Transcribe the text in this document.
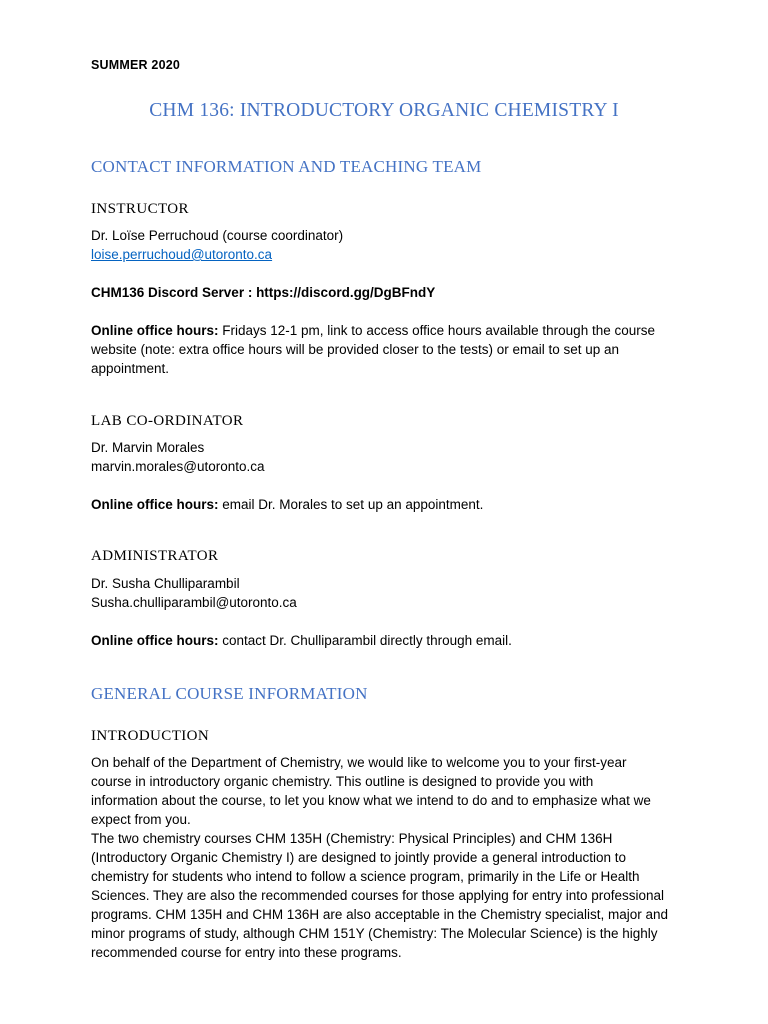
SUMMER 2020
CHM 136: INTRODUCTORY ORGANIC CHEMISTRY I
CONTACT INFORMATION AND TEACHING TEAM
INSTRUCTOR
Dr. Loïse Perruchoud (course coordinator)
loise.perruchoud@utoronto.ca
CHM136 Discord Server : https://discord.gg/DgBFndY
Online office hours: Fridays 12-1 pm, link to access office hours available through the course
website (note: extra office hours will be provided closer to the tests) or email to set up an
appointment.
LAB CO-ORDINATOR
Dr. Marvin Morales
marvin.morales@utoronto.ca
Online office hours: email Dr. Morales to set up an appointment.
ADMINISTRATOR
Dr. Susha Chulliparambil
Susha.chulliparambil@utoronto.ca
Online office hours: contact Dr. Chulliparambil directly through email.
GENERAL COURSE INFORMATION
INTRODUCTION
On behalf of the Department of Chemistry, we would like to welcome you to your first-year
course in introductory organic chemistry. This outline is designed to provide you with
information about the course, to let you know what we intend to do and to emphasize what we
expect from you.
The two chemistry courses CHM 135H (Chemistry: Physical Principles) and CHM 136H
(Introductory Organic Chemistry I) are designed to jointly provide a general introduction to
chemistry for students who intend to follow a science program, primarily in the Life or Health
Sciences. They are also the recommended courses for those applying for entry into professional
programs. CHM 135H and CHM 136H are also acceptable in the Chemistry specialist, major and
minor programs of study, although CHM 151Y (Chemistry: The Molecular Science) is the highly
recommended course for entry into these programs.
